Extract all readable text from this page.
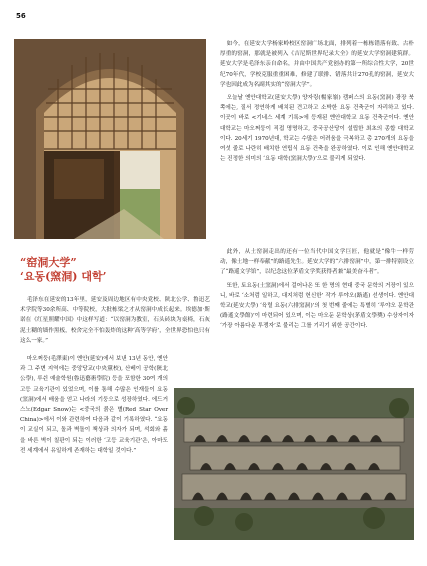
56

如今，在延安大学杨家岭校区窑洞广场北面，排列着一栋栋错落有致、古朴厚重的窑洞，那就是被列入《吉尼斯世界纪录大全》的延安大学窑洞建筑群。延安大学是毛泽东亲自命名，并由中国共产党创办的第一所综合性大学，20世纪70年代，学校克服重重困难，修建了联排、错落共计270孔的窑洞，延安大学也因此成为名副其实的“窑洞大学”。

오늘날 옌안대학교(延安大學) 양자링(楊家嶺) 캠퍼스의 요동(窯洞) 광장 북쪽에는, 질서 정연하게 배치된 견고하고 소박한 요동 건축군이 자리하고 있다. 이곳이 바로 <기네스 세계 기록>에 등재된 옌안대학교 요동 건축군이다. 옌안대학교는 마오쩌둥이 직접 명명하고, 중국공산당이 설립한 최초의 종합 대학교이다. 20세기 1970년대, 학교는 수많은 어려움을 극복하고 총 270개의 요동을 여섯 줄로 나란히 배치한 연립식 요동 건축을 완공하였다. 이로 인해 옌안대학교는 진정한 의미의 ‘요동 대학(窯洞大學)’으로 불리게 되었다.

“窑洞大学”
‘요동(窯洞) 대학’

此外，从土窑洞走出的还有一位当代中国文学巨匠，他就是“像牛一样劳动，像土地一样奉献”的路遥先生。延安大学的“六排窑洞”中，第一排特别设立了“路遥文学馆”，以纪念这位茅盾文学奖获得者兼“最美奋斗者”。

또한, 토요동(土窯洞)에서 걸어나온 또 한 명의 현대 중국 문학의 거장이 있으니, 바로 ‘소처럼 일하고, 대지처럼 헌신한’ 작가 루야오(路遙) 선생이다. 옌안대학교(延安大學) ‘육렬 요동(六排窯洞)’의 첫 번째 줄에는 특별히 ‘루야오 문학관(路遙文學館)’이 마련되어 있으며, 이는 마오둔 문학상(茅盾文學獎) 수상자이자 ‘가장 아름다운 투쟁자’로 불리는 그를 기리기 위한 공간이다.

毛泽东在延安的13年里，延安及周边地区有中央党校、陕北公学、鲁迅艺术学院等30余所高、中等院校，大批栋梁之才从窑洞中成长起来。埃德加·斯诺在《红星照耀中国》中这样写道：“以窑洞为教室，石头砖块为桌椅，石灰泥土糊的墙作黑板，校舍完全不怕轰炸的这种‘高等学府’，全世界恐怕也只有这么一家。”

마오쩌둥(毛澤東)이 옌안(延安)에서 보낸 13년 동안, 옌안과 그 주변 지역에는 중앙당교(中央黨校), 산베이 공학(陝北公學), 루쉰 예술학원(魯迅藝術學院) 등을 포함한 30여 개의 고등 교육기관이 있었으며, 이를 통해 수많은 인재들이 요동(窯洞)에서 배움을 얻고 나라의 기둥으로 성장하였다. 에드거 스노(Edgar Snow)는 <중국의 붉은 별(Red Star Over China)>에서 이와 관련하여 다음과 같이 기록하였다. “요동이 교실이 되고, 돌과 벽돌이 책상과 의자가 되며, 석회와 흙을 바른 벽이 칠판이 되는 이러한 ‘고등 교육기관’은, 아마도 전 세계에서 유일하게 존재하는 대학일 것이다.”
